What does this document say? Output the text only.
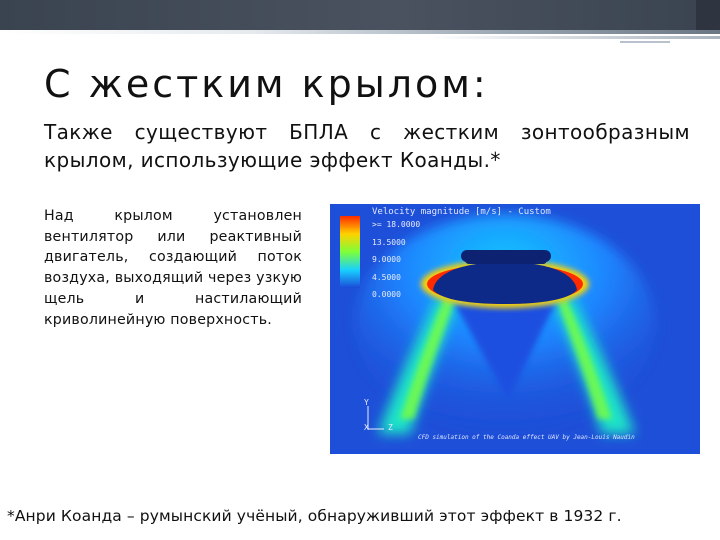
С жестким крылом:
Также существуют БПЛА с жестким зонтообразным крылом, использующие эффект Коанды.*
Над крылом установлен вентилятор или реактивный двигатель, создающий поток воздуха, выходящий через узкую щель и настилающий криволинейную поверхность.
Velocity magnitude [m/s] - Custom
>= 18.0000
13.5000
9.0000
4.5000
0.0000
Y
X Z
CFD simulation of the Coanda effect UAV by Jean-Louis Naudin
*Анри Коанда – румынский учёный, обнаруживший этот эффект в 1932 г.
